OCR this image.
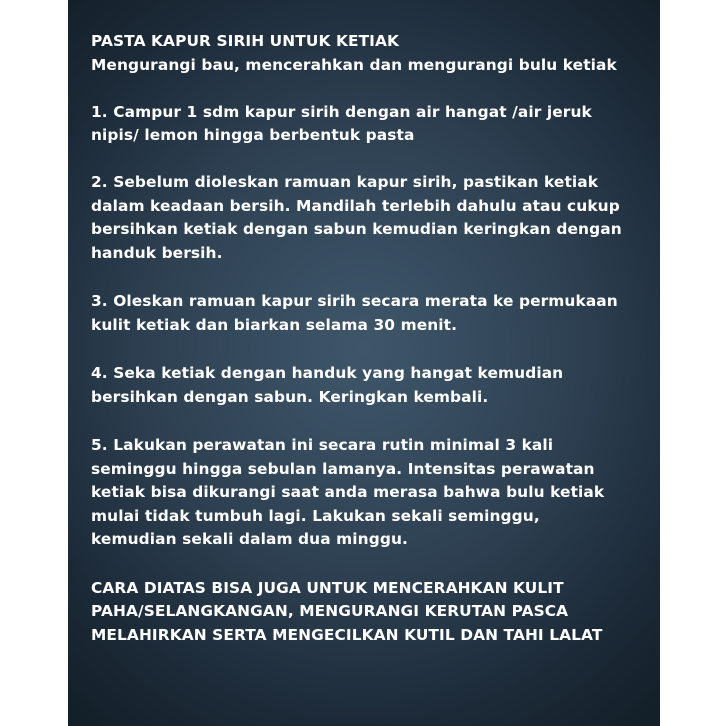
PASTA KAPUR SIRIH UNTUK KETIAK
Mengurangi bau, mencerahkan dan mengurangi bulu ketiak
1. Campur 1 sdm kapur sirih dengan air hangat /air jeruk
nipis/ lemon hingga berbentuk pasta
2. Sebelum dioleskan ramuan kapur sirih, pastikan ketiak
dalam keadaan bersih. Mandilah terlebih dahulu atau cukup
bersihkan ketiak dengan sabun kemudian keringkan dengan
handuk bersih.
3. Oleskan ramuan kapur sirih secara merata ke permukaan
kulit ketiak dan biarkan selama 30 menit.
4. Seka ketiak dengan handuk yang hangat kemudian
bersihkan dengan sabun. Keringkan kembali.
5. Lakukan perawatan ini secara rutin minimal 3 kali
seminggu hingga sebulan lamanya. Intensitas perawatan
ketiak bisa dikurangi saat anda merasa bahwa bulu ketiak
mulai tidak tumbuh lagi. Lakukan sekali seminggu,
kemudian sekali dalam dua minggu.
CARA DIATAS BISA JUGA UNTUK MENCERAHKAN KULIT
PAHA/SELANGKANGAN, MENGURANGI KERUTAN PASCA
MELAHIRKAN SERTA MENGECILKAN KUTIL DAN TAHI LALAT
